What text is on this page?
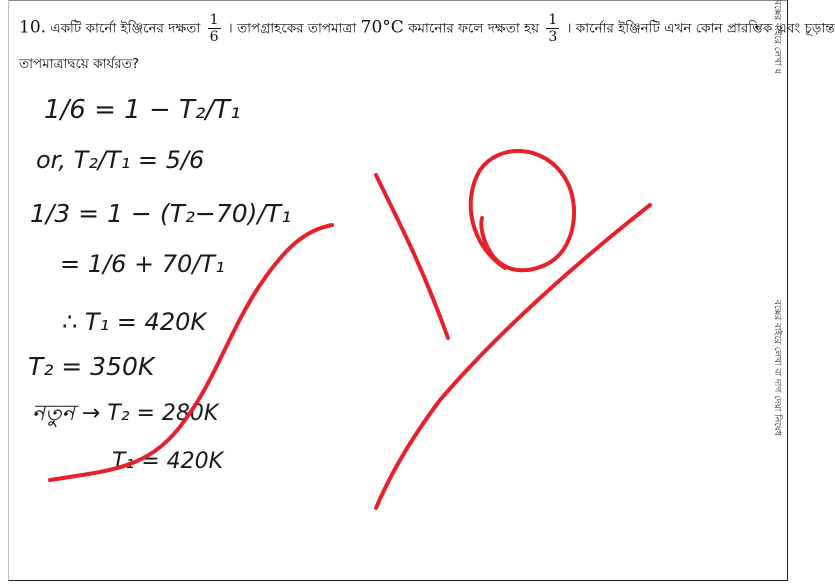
10. একটি কার্নো ইঞ্জিনের দক্ষতা $\frac{1}{6}$ । তাপগ্রাহকের তাপমাত্রা 70°C কমানোর ফলে দক্ষতা হয় $\frac{1}{3}$ । কার্নোর ইঞ্জিনটি এখন কোন প্রারম্ভিক এবং চূড়ান্ত
তাপমাত্রাদ্বয়ে কার্যরত?	বক্সের বাইরে লেখা য
বক্সের বাইরে লেখা বা দাগ দেয়া নিষেধ
1/6 = 1 − T₂/T₁
or, T₂/T₁ = 5/6
1/3 = 1 − (T₂−70)/T₁
= 1/6 + 70/T₁
∴ T₁ = 420K
T₂ = 350K
নতুন → T₂ = 280K
T₁ = 420K
10
